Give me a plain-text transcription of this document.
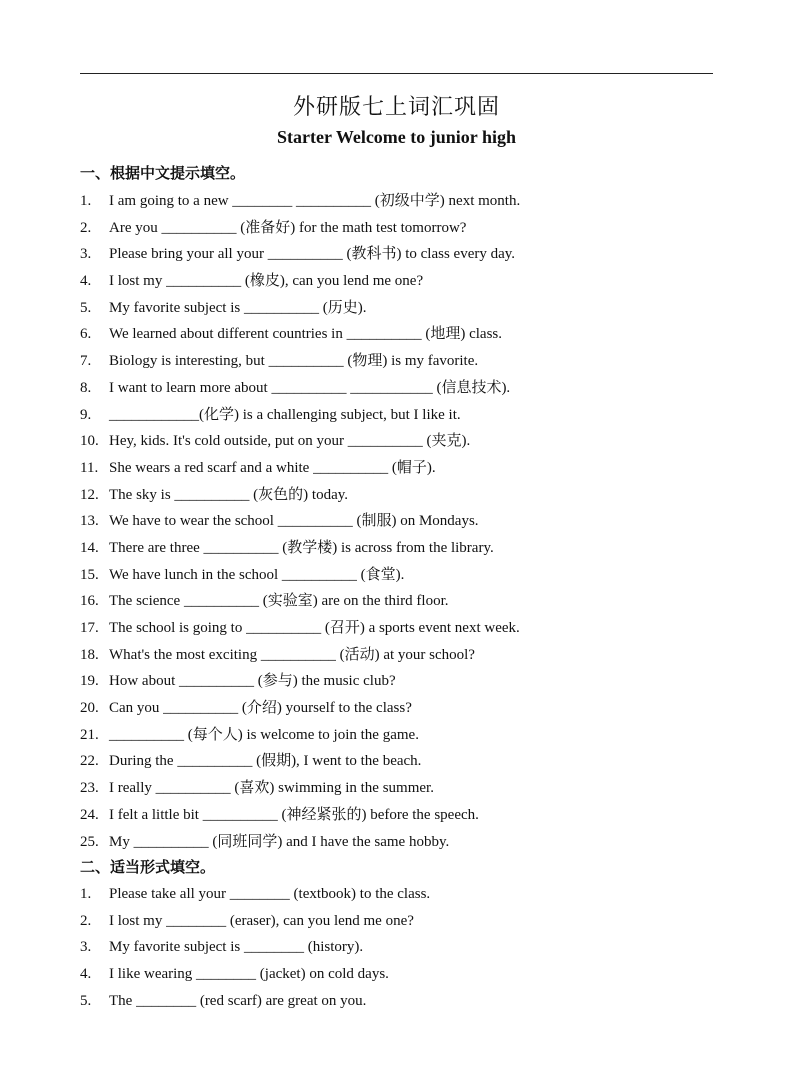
外研版七上词汇巩固
Starter Welcome to junior high
一、根据中文提示填空。
1.	I am going to a new ________ __________ (初级中学) next month.
2.	Are you __________ (准备好) for the math test tomorrow?
3.	Please bring your all your __________ (教科书) to class every day.
4.	I lost my __________ (橡皮), can you lend me one?
5.	My favorite subject is __________ (历史).
6.	We learned about different countries in __________ (地理) class.
7.	Biology is interesting, but __________ (物理) is my favorite.
8.	I want to learn more about __________ ___________ (信息技术).
9.	____________(化学) is a challenging subject, but I like it.
10. Hey, kids. It's cold outside, put on your __________ (夹克).
11. She wears a red scarf and a white __________ (帽子).
12. The sky is __________ (灰色的) today.
13. We have to wear the school __________ (制服) on Mondays.
14. There are three __________ (教学楼) is across from the library.
15. We have lunch in the school __________ (食堂).
16. The science __________ (实验室) are on the third floor.
17. The school is going to __________ (召开) a sports event next week.
18. What's the most exciting __________ (活动) at your school?
19. How about __________ (参与) the music club?
20. Can you __________ (介绍) yourself to the class?
21. __________ (每个人) is welcome to join the game.
22. During the __________ (假期), I went to the beach.
23. I really __________ (喜欢) swimming in the summer.
24. I felt a little bit __________ (神经紧张的) before the speech.
25. My __________ (同班同学) and I have the same hobby.
二、适当形式填空。
1.	Please take all your ________ (textbook) to the class.
2.	I lost my ________ (eraser), can you lend me one?
3.	My favorite subject is ________ (history).
4.	I like wearing ________ (jacket) on cold days.
5.	The ________ (red scarf) are great on you.
